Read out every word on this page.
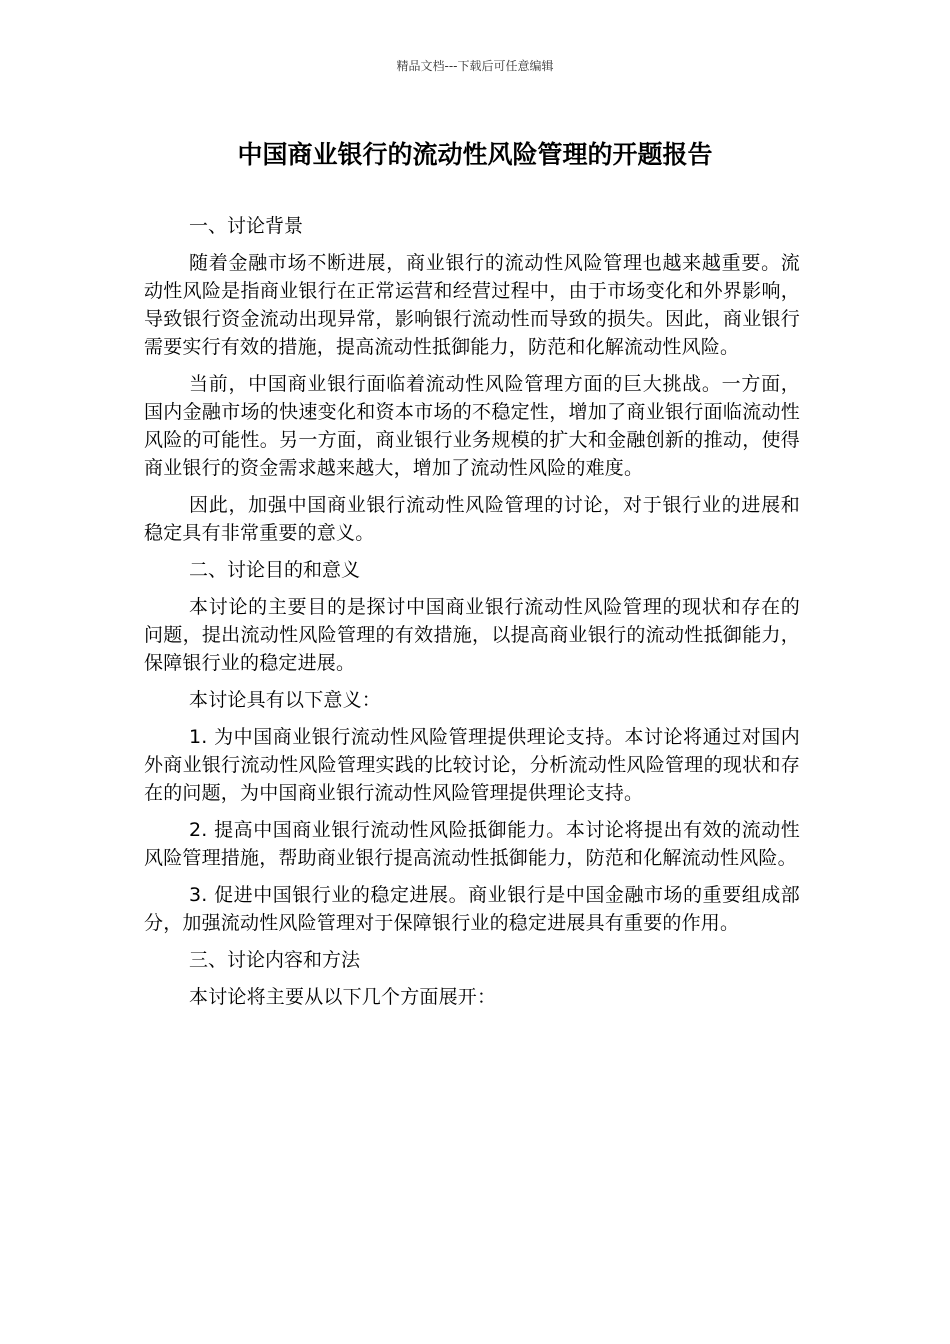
精品文档---下载后可任意编辑
中国商业银行的流动性风险管理的开题报告

一、讨论背景

随着金融市场不断进展，商业银行的流动性风险管理也越来越重要。流动性风险是指商业银行在正常运营和经营过程中，由于市场变化和外界影响，导致银行资金流动出现异常，影响银行流动性而导致的损失。因此，商业银行需要实行有效的措施，提高流动性抵御能力，防范和化解流动性风险。

当前，中国商业银行面临着流动性风险管理方面的巨大挑战。一方面，国内金融市场的快速变化和资本市场的不稳定性，增加了商业银行面临流动性风险的可能性。另一方面，商业银行业务规模的扩大和金融创新的推动，使得商业银行的资金需求越来越大，增加了流动性风险的难度。

因此，加强中国商业银行流动性风险管理的讨论，对于银行业的进展和稳定具有非常重要的意义。

二、讨论目的和意义

本讨论的主要目的是探讨中国商业银行流动性风险管理的现状和存在的问题，提出流动性风险管理的有效措施，以提高商业银行的流动性抵御能力，保障银行业的稳定进展。

本讨论具有以下意义：

1. 为中国商业银行流动性风险管理提供理论支持。本讨论将通过对国内外商业银行流动性风险管理实践的比较讨论，分析流动性风险管理的现状和存在的问题，为中国商业银行流动性风险管理提供理论支持。

2. 提高中国商业银行流动性风险抵御能力。本讨论将提出有效的流动性风险管理措施，帮助商业银行提高流动性抵御能力，防范和化解流动性风险。

3. 促进中国银行业的稳定进展。商业银行是中国金融市场的重要组成部分，加强流动性风险管理对于保障银行业的稳定进展具有重要的作用。

三、讨论内容和方法

本讨论将主要从以下几个方面展开：
